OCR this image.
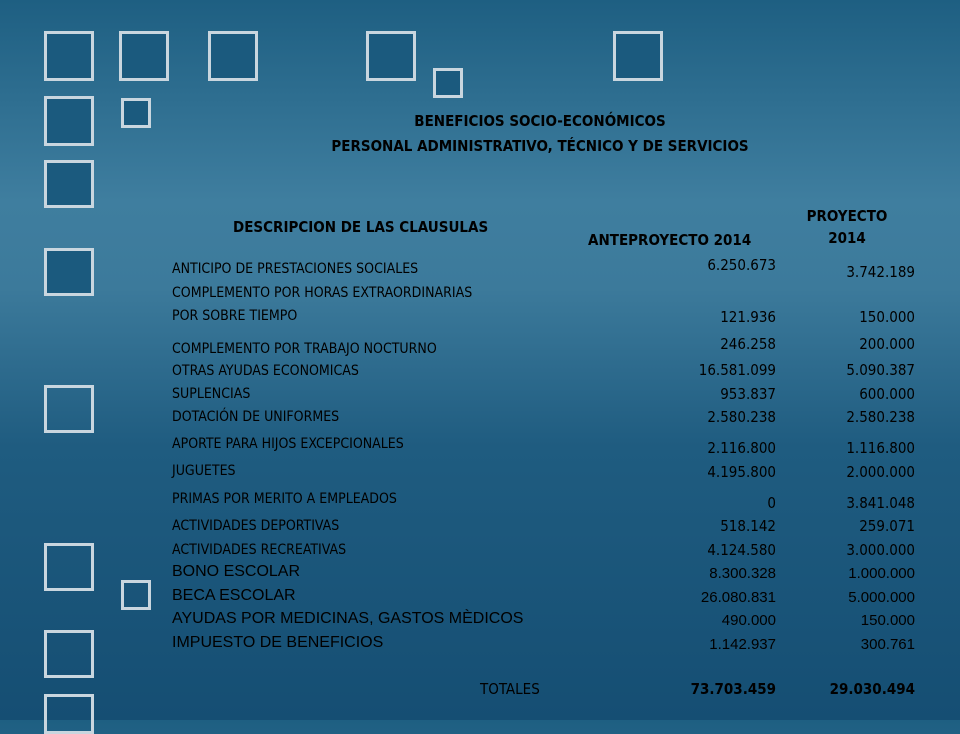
BENEFICIOS SOCIO-ECONÓMICOS
PERSONAL ADMINISTRATIVO, TÉCNICO Y DE SERVICIOS
DESCRIPCION DE LAS CLAUSULAS
ANTEPROYECTO 2014
PROYECTO
2014
ANTICIPO DE PRESTACIONES SOCIALES	6.250.673	3.742.189
COMPLEMENTO POR HORAS EXTRAORDINARIAS
POR SOBRE TIEMPO	121.936	150.000
COMPLEMENTO POR TRABAJO NOCTURNO	246.258	200.000
OTRAS AYUDAS ECONOMICAS	16.581.099	5.090.387
SUPLENCIAS	953.837	600.000
DOTACIÓN DE UNIFORMES	2.580.238	2.580.238
APORTE PARA HIJOS EXCEPCIONALES	2.116.800	1.116.800
JUGUETES	4.195.800	2.000.000
PRIMAS POR MERITO A EMPLEADOS	0	3.841.048
ACTIVIDADES DEPORTIVAS	518.142	259.071
ACTIVIDADES RECREATIVAS	4.124.580	3.000.000
BONO ESCOLAR	8.300.328	1.000.000
BECA ESCOLAR	26.080.831	5.000.000
AYUDAS POR MEDICINAS, GASTOS MÈDICOS	490.000	150.000
IMPUESTO DE BENEFICIOS	1.142.937	300.761
TOTALES	73.703.459	29.030.494
